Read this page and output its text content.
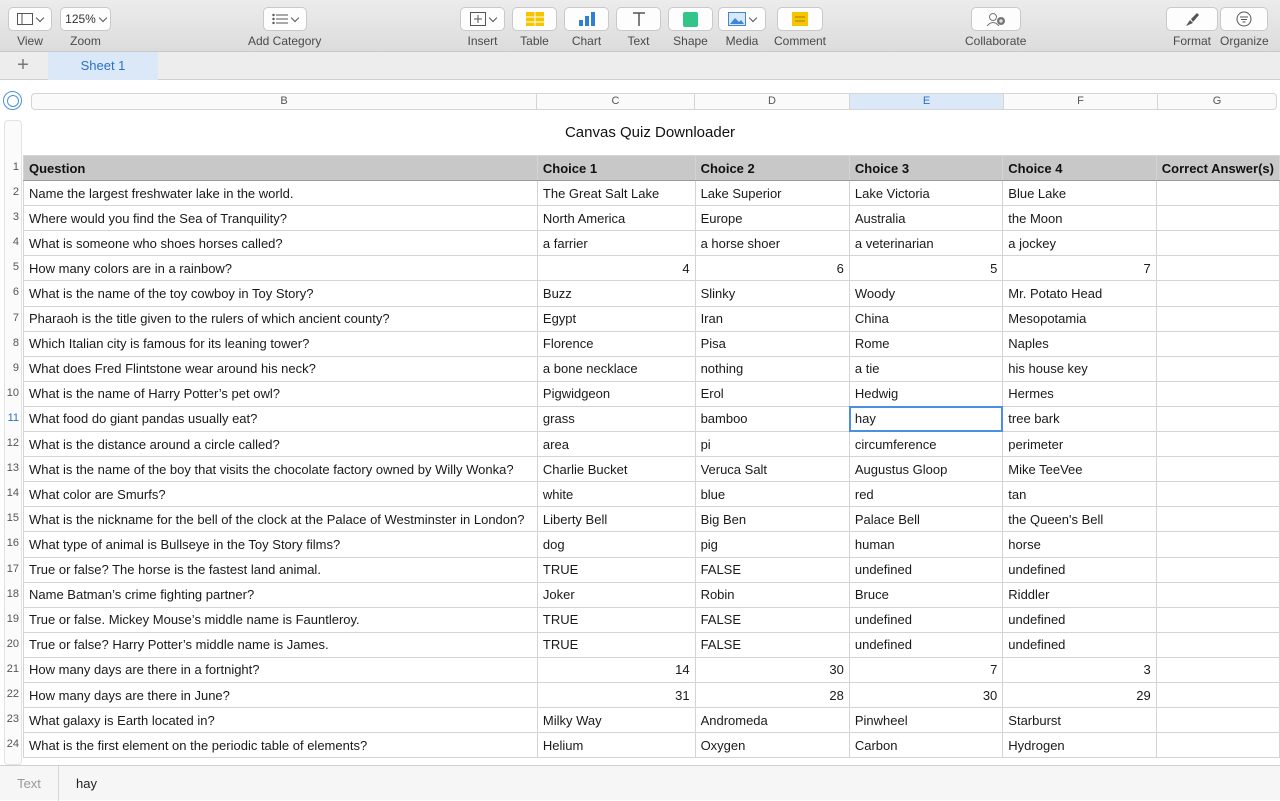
View
125%
Zoom	Add Category	Insert Table Chart Text Shape Media Comment	Collaborate	Format Organize
+	Sheet 1
B	C	D	E	F	G
Canvas Quiz Downloader
1
2
3
4
5
6
7
8
9
10
11
12
13
14
15
16
17
18
19
20
21
22
23
24
Question	Choice 1	Choice 2	Choice 3	Choice 4	Correct Answer(s)
Name the largest freshwater lake in the world.	The Great Salt Lake	Lake Superior	Lake Victoria	Blue Lake	
Where would you find the Sea of Tranquility?	North America	Europe	Australia	the Moon	
What is someone who shoes horses called?	a farrier	a horse shoer	a veterinarian	a jockey	
How many colors are in a rainbow?	4	6	5	7	
What is the name of the toy cowboy in Toy Story?	Buzz	Slinky	Woody	Mr. Potato Head	
Pharaoh is the title given to the rulers of which ancient county?	Egypt	Iran	China	Mesopotamia	
Which Italian city is famous for its leaning tower?	Florence	Pisa	Rome	Naples	
What does Fred Flintstone wear around his neck?	a bone necklace	nothing	a tie	his house key	
What is the name of Harry Potter’s pet owl?	Pigwidgeon	Erol	Hedwig	Hermes	
What food do giant pandas usually eat?	grass	bamboo	hay	tree bark	
What is the distance around a circle called?	area	pi	circumference	perimeter	
What is the name of the boy that visits the chocolate factory owned by Willy Wonka?	Charlie Bucket	Veruca Salt	Augustus Gloop	Mike TeeVee	
What color are Smurfs?	white	blue	red	tan	
What is the nickname for the bell of the clock at the Palace of Westminster in London?	Liberty Bell	Big Ben	Palace Bell	the Queen's Bell	
What type of animal is Bullseye in the Toy Story films?	dog	pig	human	horse	
True or false? The horse is the fastest land animal.	TRUE	FALSE	undefined	undefined	
Name Batman’s crime fighting partner?	Joker	Robin	Bruce	Riddler	
True or false. Mickey Mouse’s middle name is Fauntleroy.	TRUE	FALSE	undefined	undefined	
True or false? Harry Potter’s middle name is James.	TRUE	FALSE	undefined	undefined	
How many days are there in a fortnight?	14	30	7	3	
How many days are there in June?	31	28	30	29	
What galaxy is Earth located in?	Milky Way	Andromeda	Pinwheel	Starburst	
What is the first element on the periodic table of elements?	Helium	Oxygen	Carbon	Hydrogen	
Text	hay
